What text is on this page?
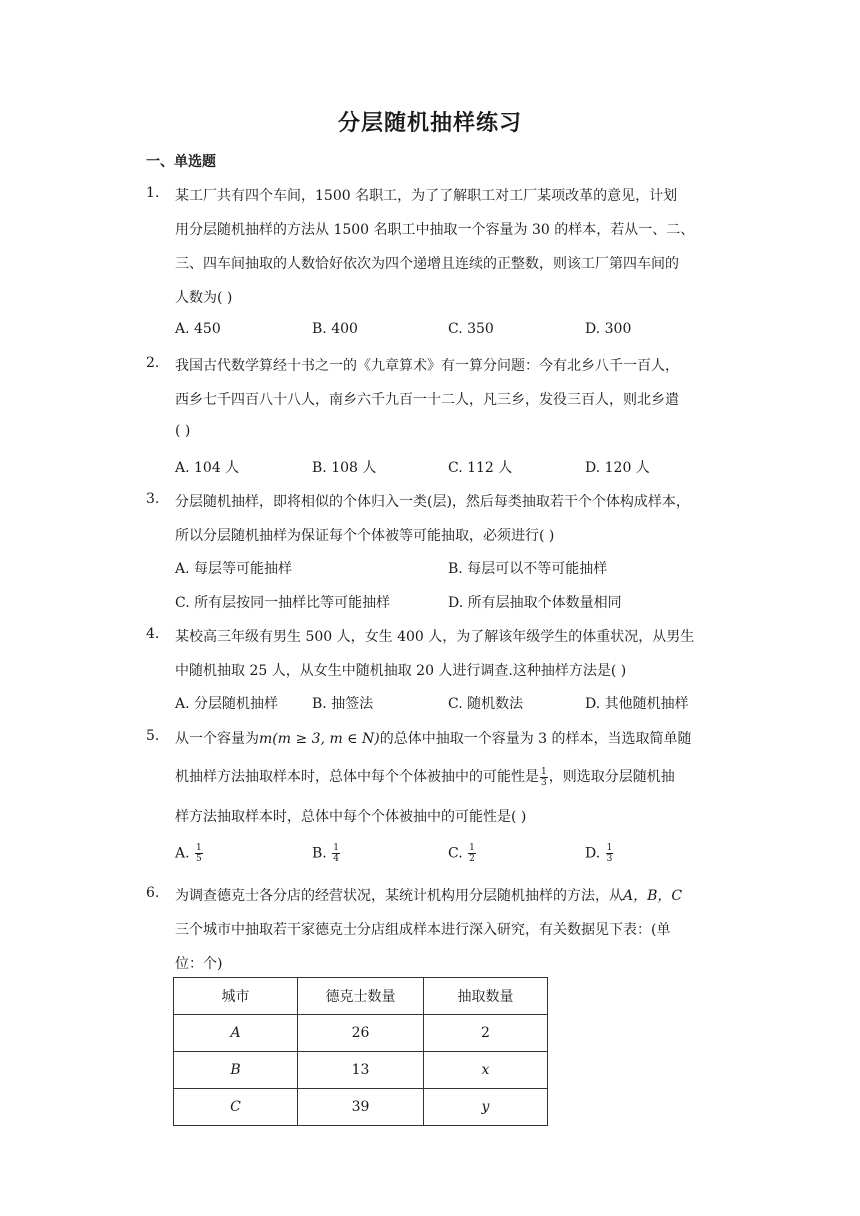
分层随机抽样练习
一、单选题
1. 某工厂共有四个车间，1500 名职工，为了了解职工对工厂某项改革的意见，计划
用分层随机抽样的方法从 1500 名职工中抽取一个容量为 30 的样本，若从一、二、
三、四车间抽取的人数恰好依次为四个递增且连续的正整数，则该工厂第四车间的
人数为( )
A. 450	B. 400	C. 350	D. 300
2. 我国古代数学算经十书之一的《九章算术》有一算分问题：今有北乡八千一百人，
西乡七千四百八十八人，南乡六千九百一十二人，凡三乡，发役三百人，则北乡遣
( )
A. 104 人	B. 108 人	C. 112 人	D. 120 人
3. 分层随机抽样，即将相似的个体归入一类(层)，然后每类抽取若干个个体构成样本，
所以分层随机抽样为保证每个个体被等可能抽取，必须进行( )
A. 每层等可能抽样	B. 每层可以不等可能抽样
C. 所有层按同一抽样比等可能抽样	D. 所有层抽取个体数量相同
4. 某校高三年级有男生 500 人，女生 400 人，为了解该年级学生的体重状况，从男生
中随机抽取 25 人，从女生中随机抽取 20 人进行调查.这种抽样方法是( )
A. 分层随机抽样 B. 抽签法	C. 随机数法	D. 其他随机抽样
5. 从一个容量为m(m ≥ 3, m ∈ N)的总体中抽取一个容量为 3 的样本，当选取简单随
机抽样方法抽取样本时，总体中每个个体被抽中的可能性是 $\frac{1}{3}$ ，则选取分层随机抽
样方法抽取样本时，总体中每个个体被抽中的可能性是( )
A. $\frac{1}{5}$	B. $\frac{1}{4}$	C. $\frac{1}{2}$	D. $\frac{1}{3}$
6. 为调查德克士各分店的经营状况，某统计机构用分层随机抽样的方法，从A，B，C
三个城市中抽取若干家德克士分店组成样本进行深入研究，有关数据见下表：(单
位：个)
城市	德克士数量	抽取数量
A	26	2
B	13	x
C	39	y
